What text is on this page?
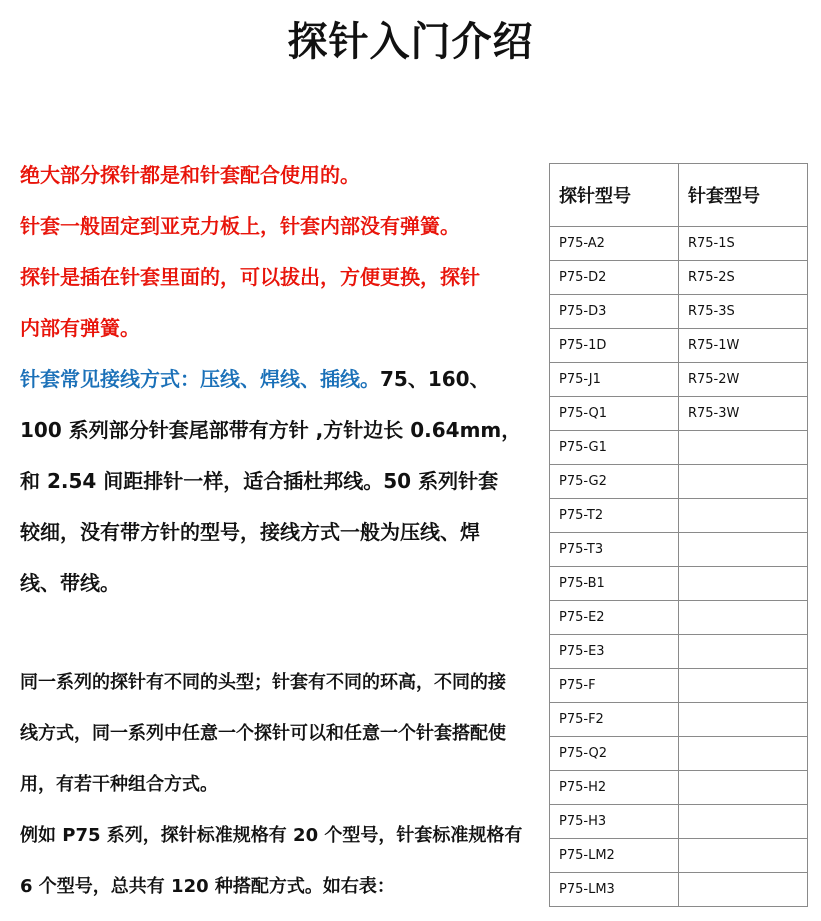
探针入门介绍
绝大部分探针都是和针套配合使用的。
针套一般固定到亚克力板上，针套内部没有弹簧。
探针是插在针套里面的，可以拔出，方便更换，探针
内部有弹簧。
针套常见接线方式：压线、焊线、插线。75、160、
100 系列部分针套尾部带有方针 ,方针边长 0.64mm，
和 2.54 间距排针一样，适合插杜邦线。50 系列针套
较细，没有带方针的型号，接线方式一般为压线、焊
线、带线。
同一系列的探针有不同的头型；针套有不同的环高，不同的接
线方式，同一系列中任意一个探针可以和任意一个针套搭配使
用，有若干种组合方式。
例如 P75 系列，探针标准规格有 20 个型号，针套标准规格有
6 个型号，总共有 120 种搭配方式。如右表：
探针型号	针套型号
P75-A2	R75-1S
P75-D2	R75-2S
P75-D3	R75-3S
P75-1D	R75-1W
P75-J1	R75-2W
P75-Q1	R75-3W
P75-G1	
P75-G2	
P75-T2	
P75-T3	
P75-B1	
P75-E2	
P75-E3	
P75-F	
P75-F2	
P75-Q2	
P75-H2	
P75-H3	
P75-LM2	
P75-LM3	
